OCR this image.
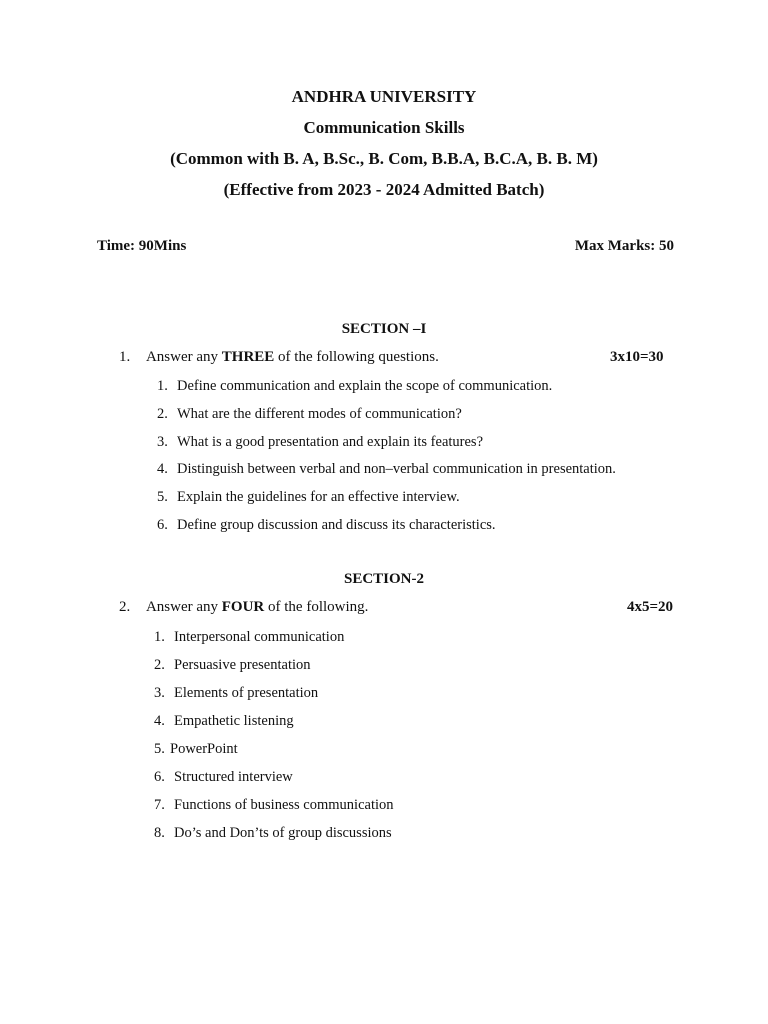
ANDHRA UNIVERSITY
Communication Skills
(Common with B. A, B.Sc., B. Com, B.B.A, B.C.A, B. B. M)
(Effective from 2023 - 2024 Admitted Batch)
Time: 90Mins	Max Marks: 50
SECTION –I
1. Answer any THREE of the following questions.	3x10=30
1. Define communication and explain the scope of communication.
2. What are the different modes of communication?
3. What is a good presentation and explain its features?
4. Distinguish between verbal and non–verbal communication in presentation.
5. Explain the guidelines for an effective interview.
6. Define group discussion and discuss its characteristics.
SECTION-2
2. Answer any FOUR of the following.	4x5=20
1. Interpersonal communication
2. Persuasive presentation
3. Elements of presentation
4. Empathetic listening
5. PowerPoint
6. Structured interview
7. Functions of business communication
8. Do’s and Don’ts of group discussions
